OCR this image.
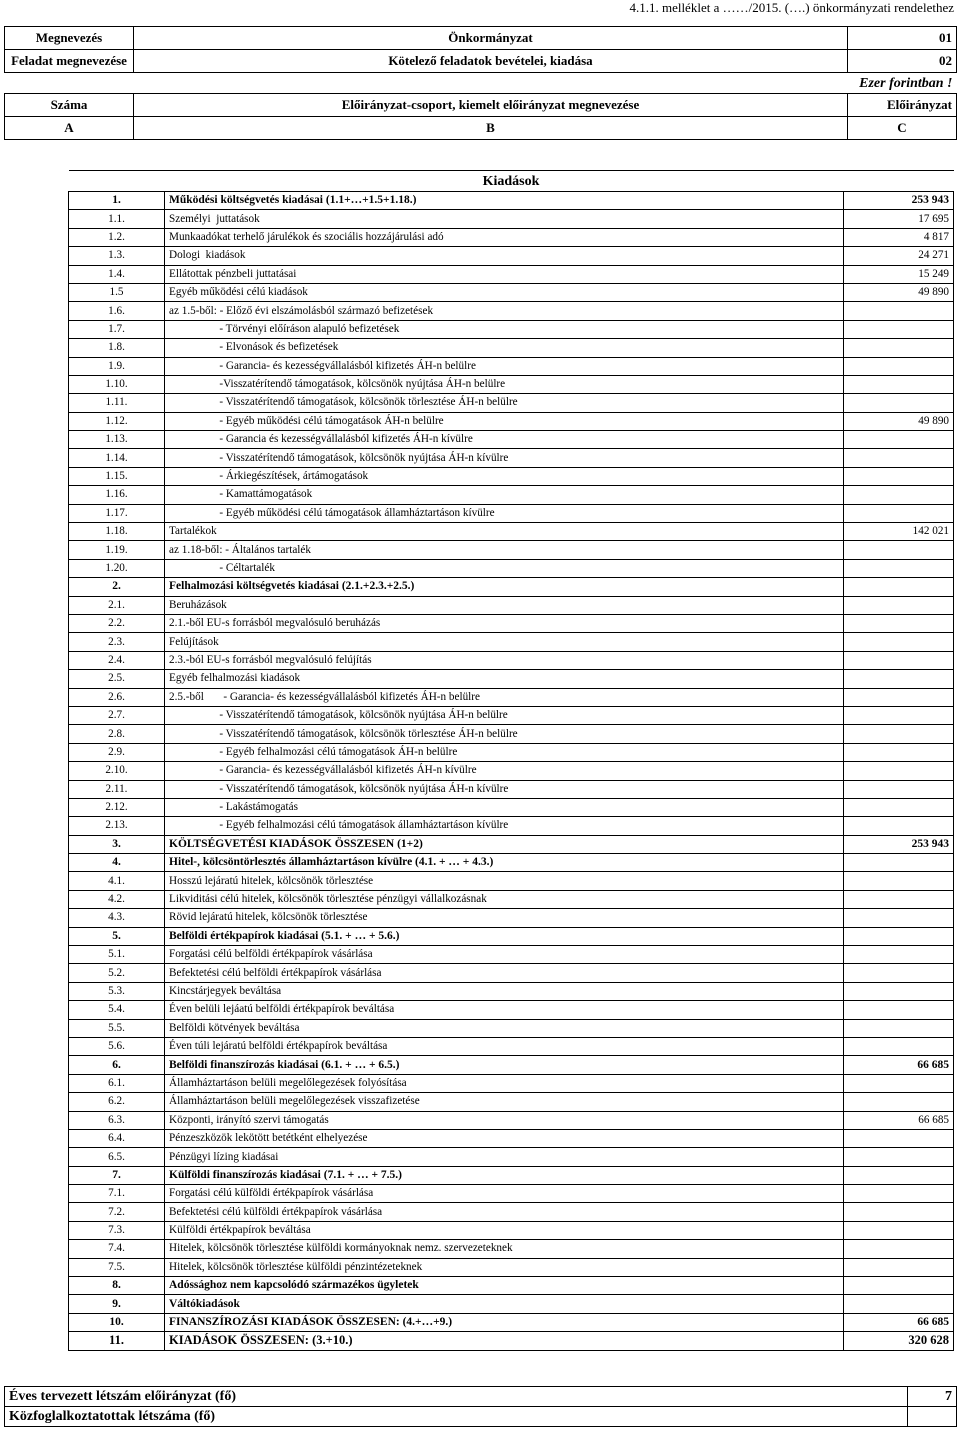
4.1.1. melléklet a ……/2015. (….) önkormányzati rendelethez
Megnevezés	Önkormányzat	01
Feladat megnevezése	Kötelező feladatok bevételei, kiadása	02
		Ezer forintban !
Száma	Előirányzat-csoport, kiemelt előirányzat megnevezése	Előirányzat
A	B	C
Kiadások		
1.	Működési költségvetés kiadásai (1.1+…+1.5+1.18.)	253 943
1.1.	Személyi  juttatások	17 695
1.2.	Munkaadókat terhelő járulékok és szociális hozzájárulási adó	4 817
1.3.	Dologi  kiadások	24 271
1.4.	Ellátottak pénzbeli juttatásai	15 249
1.5	Egyéb működési célú kiadások	49 890
1.6.	az 1.5-ből: - Előző évi elszámolásból származó befizetések	
1.7.	- Törvényi előíráson alapuló befizetések	
1.8.	- Elvonások és befizetések	
1.9.	- Garancia- és kezességvállalásból kifizetés ÁH-n belülre	
1.10.	-Visszatérítendő támogatások, kölcsönök nyújtása ÁH-n belülre	
1.11.	- Visszatérítendő támogatások, kölcsönök törlesztése ÁH-n belülre	
1.12.	- Egyéb működési célú támogatások ÁH-n belülre	49 890
1.13.	- Garancia és kezességvállalásból kifizetés ÁH-n kívülre	
1.14.	- Visszatérítendő támogatások, kölcsönök nyújtása ÁH-n kívülre	
1.15.	- Árkiegészítések, ártámogatások	
1.16.	- Kamattámogatások	
1.17.	- Egyéb működési célú támogatások államháztartáson kívülre	
1.18.	Tartalékok	142 021
1.19.	az 1.18-ből: - Általános tartalék	
1.20.	- Céltartalék	
2.	Felhalmozási költségvetés kiadásai (2.1.+2.3.+2.5.)	
2.1.	Beruházások	
2.2.	2.1.-ből EU-s forrásból megvalósuló beruházás	
2.3.	Felújítások	
2.4.	2.3.-ból EU-s forrásból megvalósuló felújítás	
2.5.	Egyéb felhalmozási kiadások	
2.6.	2.5.-ből       - Garancia- és kezességvállalásból kifizetés ÁH-n belülre	
2.7.	- Visszatérítendő támogatások, kölcsönök nyújtása ÁH-n belülre	
2.8.	- Visszatérítendő támogatások, kölcsönök törlesztése ÁH-n belülre	
2.9.	- Egyéb felhalmozási célú támogatások ÁH-n belülre	
2.10.	- Garancia- és kezességvállalásból kifizetés ÁH-n kívülre	
2.11.	- Visszatérítendő támogatások, kölcsönök nyújtása ÁH-n kívülre	
2.12.	- Lakástámogatás	
2.13.	- Egyéb felhalmozási célú támogatások államháztartáson kívülre	
3.	KÖLTSÉGVETÉSI KIADÁSOK ÖSSZESEN (1+2)	253 943
4.	Hitel-, kölcsöntörlesztés államháztartáson kívülre (4.1. + … + 4.3.)	
4.1.	Hosszú lejáratú hitelek, kölcsönök törlesztése	
4.2.	Likviditási célú hitelek, kölcsönök törlesztése pénzügyi vállalkozásnak	
4.3.	Rövid lejáratú hitelek, kölcsönök törlesztése	
5.	Belföldi értékpapírok kiadásai (5.1. + … + 5.6.)	
5.1.	Forgatási célú belföldi értékpapírok vásárlása	
5.2.	Befektetési célú belföldi értékpapírok vásárlása	
5.3.	Kincstárjegyek beváltása	
5.4.	Éven belüli lejáatú belföldi értékpapírok beváltása	
5.5.	Belföldi kötvények beváltása	
5.6.	Éven túli lejáratú belföldi értékpapírok beváltása	
6.	Belföldi finanszírozás kiadásai (6.1. + … + 6.5.)	66 685
6.1.	Államháztartáson belüli megelőlegezések folyósítása	
6.2.	Államháztartáson belüli megelőlegezések visszafizetése	
6.3.	Központi, irányító szervi támogatás	66 685
6.4.	Pénzeszközök lekötött betétként elhelyezése	
6.5.	Pénzügyi lízing kiadásai	
7.	Külföldi finanszírozás kiadásai (7.1. + … + 7.5.)	
7.1.	Forgatási célú külföldi értékpapírok vásárlása	
7.2.	Befektetési célú külföldi értékpapírok vásárlása	
7.3.	Külföldi értékpapírok beváltása	
7.4.	Hitelek, kölcsönök törlesztése külföldi kormányoknak nemz. szervezeteknek	
7.5.	Hitelek, kölcsönök törlesztése külföldi pénzintézeteknek	
8.	Adóssághoz nem kapcsolódó származékos ügyletek	
9.	Váltókiadások	
10.	FINANSZÍROZÁSI KIADÁSOK ÖSSZESEN: (4.+…+9.)	66 685
11.	KIADÁSOK ÖSSZESEN: (3.+10.)	320 628
Éves tervezett létszám előirányzat (fő)	7
Közfoglalkoztatottak létszáma (fő)	
